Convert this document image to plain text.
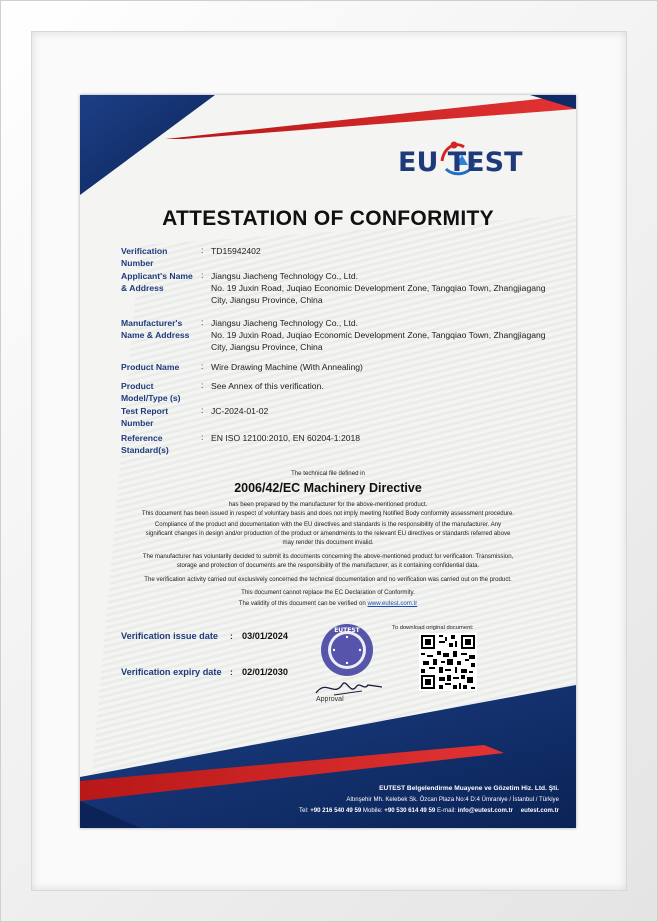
EU TEST
ATTESTATION OF CONFORMITY
Verification Number
: TD15942402
Applicant's Name & Address
: Jiangsu Jiacheng Technology Co., Ltd.
No. 19 Juxin Road, Juqiao Economic Development Zone, Tangqiao Town, Zhangjiagang City, Jiangsu Province, China
Manufacturer's Name & Address
: Jiangsu Jiacheng Technology Co., Ltd.
No. 19 Juxin Road, Juqiao Economic Development Zone, Tangqiao Town, Zhangjiagang City, Jiangsu Province, China
Product Name	: Wire Drawing Machine (With Annealing)
Product Model/Type (s)
: See Annex of this verification.
Test Report Number
: JC-2024-01-02
Reference Standard(s)
: EN ISO 12100:2010, EN 60204-1:2018
The technical file defined in
2006/42/EC Machinery Directive
has been prepared by the manufacturer for the above-mentioned product.
This document has been issued in respect of voluntary basis and does not imply meeting Notified Body conformity assessment procedure.
Compliance of the product and documentation with the EU directives and standards is the responsibility of the manufacturer. Any
significant changes in design and/or production of the product or amendments to the relevant EU directives or standards referred above
may render this document invalid.
The manufacturer has voluntarily decided to submit its documents concerning the above-mentioned product for verification. Transmission,
storage and protection of documents are the responsibility of the manufacturer, as it containing confidential data.
The verification activity carried out exclusively concerned the technical documentation and no verification was carried out on the product.
This document cannot replace the EC Declaration of Conformity.
The validity of this document can be verified on www.eutest.com.tr
Verification issue date : 03/01/2024
Verification expiry date : 02/01/2030
EUTEST
Approval
To download original document:
EUTEST Belgelendirme Muayene ve Gözetim Hiz. Ltd. Şti.
Altınşehir Mh. Kelebek Sk. Özcan Plaza No:4 D:4 Ümraniye / İstanbul / Türkiye
Tel: +90 216 540 49 59 Mobile: +90 530 614 49 59 E-mail: info@eutest.com.tr eutest.com.tr
